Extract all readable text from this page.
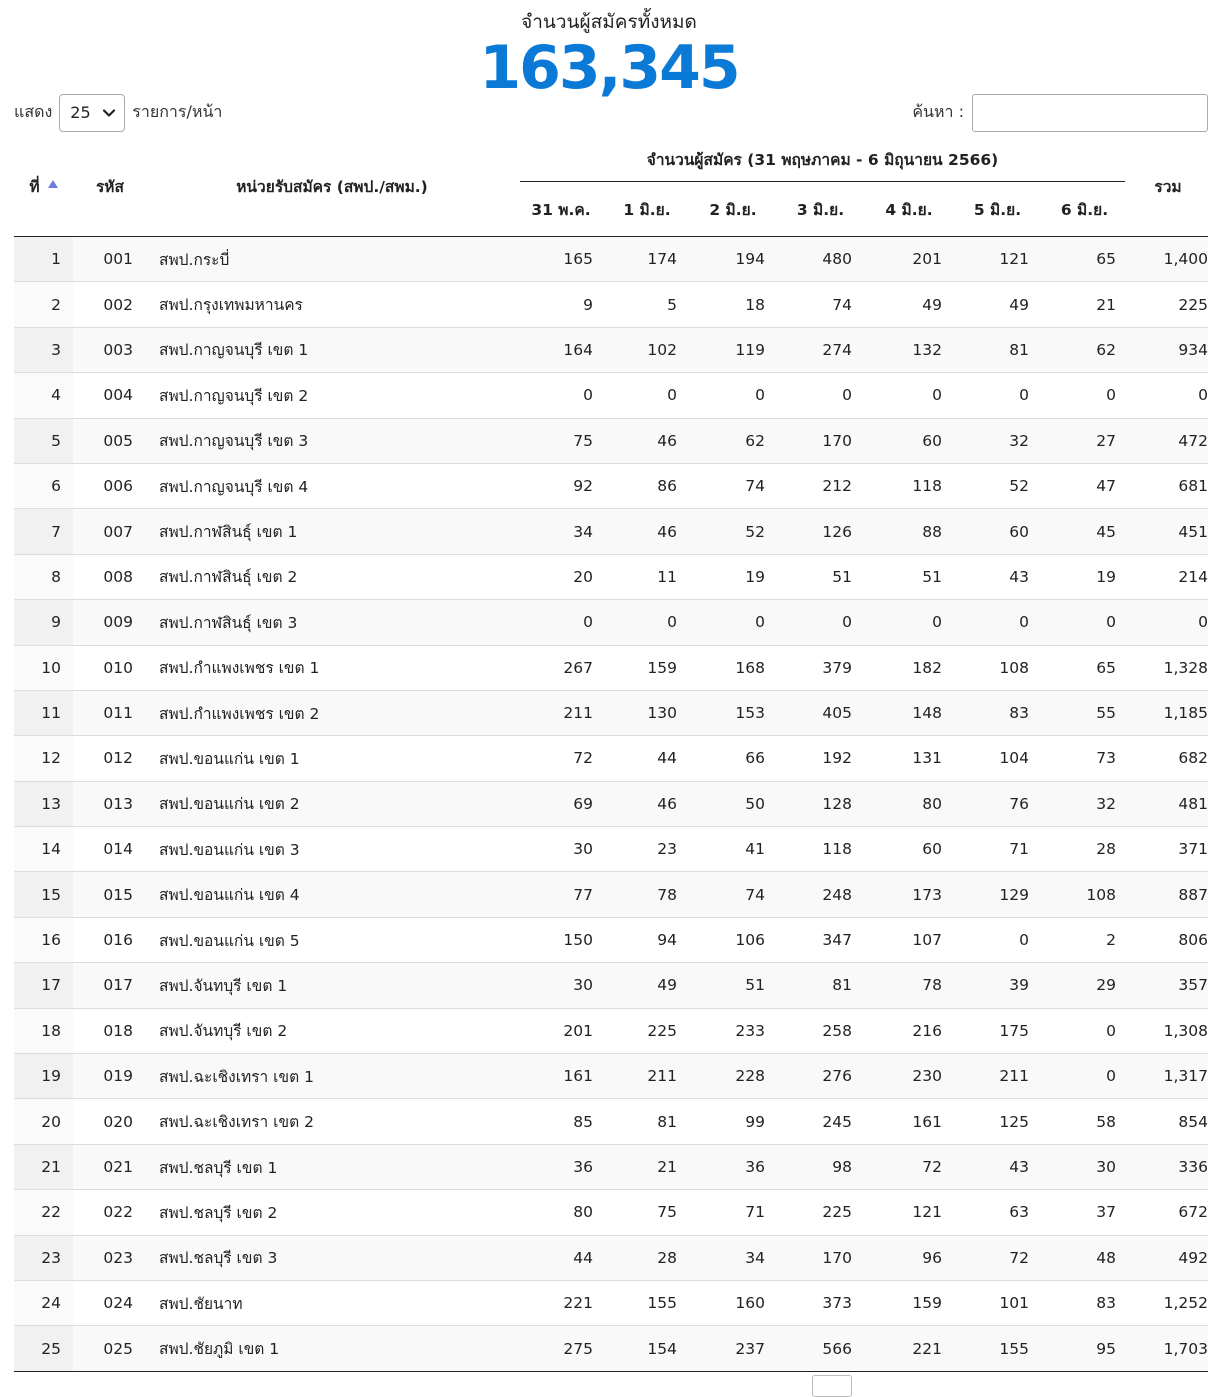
จำนวนผู้สมัครทั้งหมด
163,345
แสดง 25	รายการ/หน้า	ค้นหา :
ที่	รหัส	หน่วยรับสมัคร (สพป./สพม.)	จำนวนผู้สมัคร (31 พฤษภาคม - 6 มิถุนายน 2566)							รวม
			31 พ.ค.	1 มิ.ย.	2 มิ.ย.	3 มิ.ย.	4 มิ.ย.	5 มิ.ย.	6 มิ.ย.	
1	001	สพป.กระบี่	165	174	194	480	201	121	65	1,400
2	002	สพป.กรุงเทพมหานคร	9	5	18	74	49	49	21	225
3	003	สพป.กาญจนบุรี เขต 1	164	102	119	274	132	81	62	934
4	004	สพป.กาญจนบุรี เขต 2	0	0	0	0	0	0	0	0
5	005	สพป.กาญจนบุรี เขต 3	75	46	62	170	60	32	27	472
6	006	สพป.กาญจนบุรี เขต 4	92	86	74	212	118	52	47	681
7	007	สพป.กาฬสินธุ์ เขต 1	34	46	52	126	88	60	45	451
8	008	สพป.กาฬสินธุ์ เขต 2	20	11	19	51	51	43	19	214
9	009	สพป.กาฬสินธุ์ เขต 3	0	0	0	0	0	0	0	0
10	010	สพป.กำแพงเพชร เขต 1	267	159	168	379	182	108	65	1,328
11	011	สพป.กำแพงเพชร เขต 2	211	130	153	405	148	83	55	1,185
12	012	สพป.ขอนแก่น เขต 1	72	44	66	192	131	104	73	682
13	013	สพป.ขอนแก่น เขต 2	69	46	50	128	80	76	32	481
14	014	สพป.ขอนแก่น เขต 3	30	23	41	118	60	71	28	371
15	015	สพป.ขอนแก่น เขต 4	77	78	74	248	173	129	108	887
16	016	สพป.ขอนแก่น เขต 5	150	94	106	347	107	0	2	806
17	017	สพป.จันทบุรี เขต 1	30	49	51	81	78	39	29	357
18	018	สพป.จันทบุรี เขต 2	201	225	233	258	216	175	0	1,308
19	019	สพป.ฉะเชิงเทรา เขต 1	161	211	228	276	230	211	0	1,317
20	020	สพป.ฉะเชิงเทรา เขต 2	85	81	99	245	161	125	58	854
21	021	สพป.ชลบุรี เขต 1	36	21	36	98	72	43	30	336
22	022	สพป.ชลบุรี เขต 2	80	75	71	225	121	63	37	672
23	023	สพป.ชลบุรี เขต 3	44	28	34	170	96	72	48	492
24	024	สพป.ชัยนาท	221	155	160	373	159	101	83	1,252
25	025	สพป.ชัยภูมิ เขต 1	275	154	237	566	221	155	95	1,703
